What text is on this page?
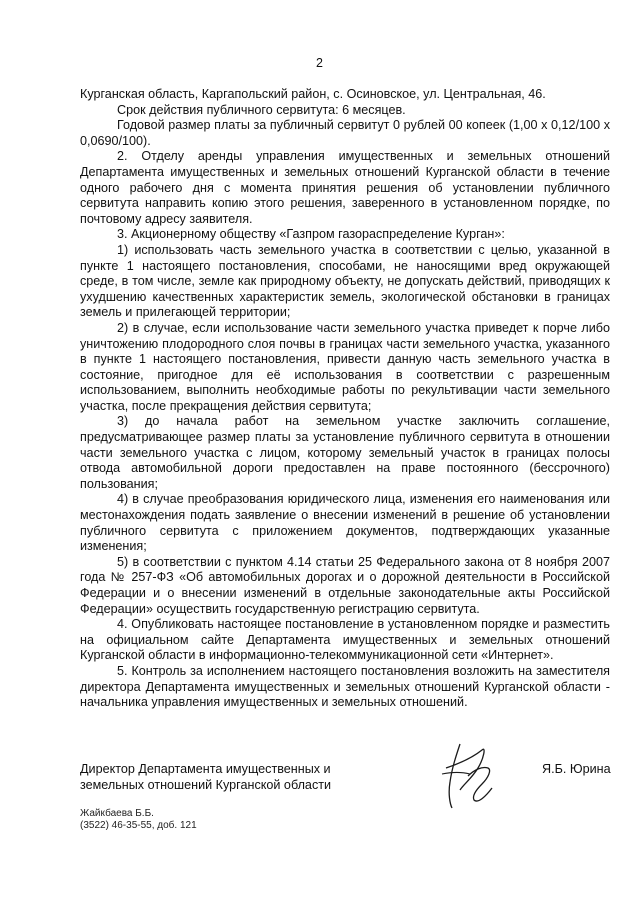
2

Курганская область, Каргапольский район, с. Осиновское, ул. Центральная, 46.

Срок действия публичного сервитута: 6 месяцев.

Годовой размер платы за публичный сервитут 0 рублей 00 копеек (1,00 х 0,12/100 х 0,0690/100).

2. Отделу аренды управления имущественных и земельных отношений Департамента имущественных и земельных отношений Курганской области в течение одного рабочего дня с момента принятия решения об установлении публичного сервитута направить копию этого решения, заверенного в установленном порядке, по почтовому адресу заявителя.

3. Акционерному обществу «Газпром газораспределение Курган»:

1) использовать часть земельного участка в соответствии с целью, указанной в пункте 1 настоящего постановления, способами, не наносящими вред окружающей среде, в том числе, земле как природному объекту, не допускать действий, приводящих к ухудшению качественных характеристик земель, экологической обстановки в границах земель и прилегающей территории;

2) в случае, если использование части земельного участка приведет к порче либо уничтожению плодородного слоя почвы в границах части земельного участка, указанного в пункте 1 настоящего постановления, привести данную часть земельного участка в состояние, пригодное для её использования в соответствии с разрешенным использованием, выполнить необходимые работы по рекультивации части земельного участка, после прекращения действия сервитута;

3) до начала работ на земельном участке заключить соглашение, предусматривающее размер платы за установление публичного сервитута в отношении части земельного участка с лицом, которому земельный участок в границах полосы отвода автомобильной дороги предоставлен на праве постоянного (бессрочного) пользования;

4) в случае преобразования юридического лица, изменения его наименования или местонахождения подать заявление о внесении изменений в решение об установлении публичного сервитута с приложением документов, подтверждающих указанные изменения;

5) в соответствии с пунктом 4.14 статьи 25 Федерального закона от 8 ноября 2007 года № 257-ФЗ «Об автомобильных дорогах и о дорожной деятельности в Российской Федерации и о внесении изменений в отдельные законодательные акты Российской Федерации» осуществить государственную регистрацию сервитута.

4. Опубликовать настоящее постановление в установленном порядке и разместить на официальном сайте Департамента имущественных и земельных отношений Курганской области в информационно-телекоммуникационной сети «Интернет».

5. Контроль за исполнением настоящего постановления возложить на заместителя директора Департамента имущественных и земельных отношений Курганской области - начальника управления имущественных и земельных отношений.

Директор Департамента имущественных и
земельных отношений Курганской области
Я.Б. Юрина
Жайкбаева Б.Б.
(3522) 46-35-55, доб. 121
